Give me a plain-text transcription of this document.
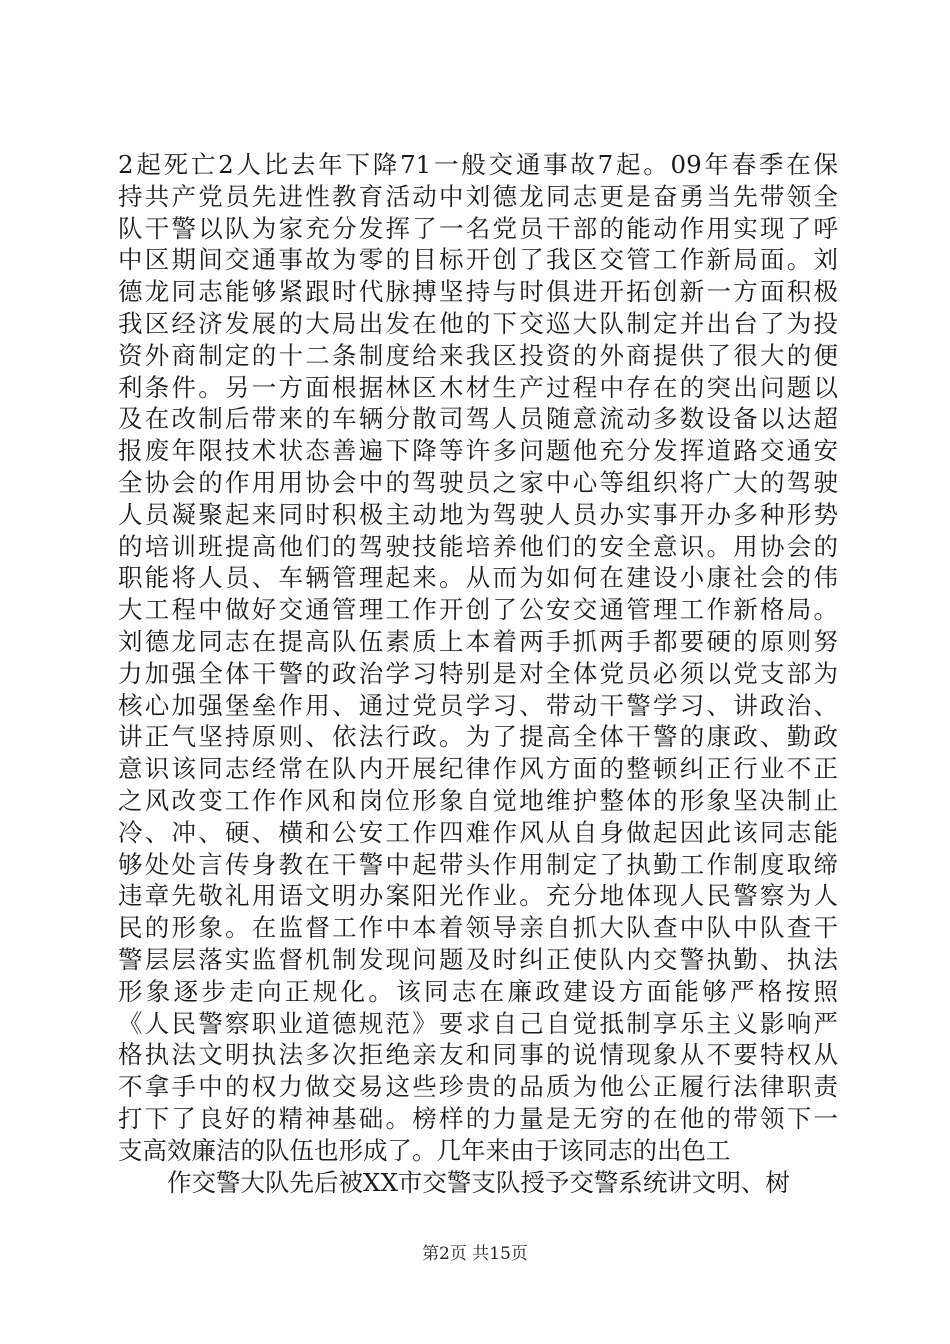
2起死亡2人比去年下降71一般交通事故7起。09年春季在保
持共产党员先进性教育活动中刘德龙同志更是奋勇当先带领全
队干警以队为家充分发挥了一名党员干部的能动作用实现了呼
中区期间交通事故为零的目标开创了我区交管工作新局面。刘
德龙同志能够紧跟时代脉搏坚持与时俱进开拓创新一方面积极
我区经济发展的大局出发在他的下交巡大队制定并出台了为投
资外商制定的十二条制度给来我区投资的外商提供了很大的便
利条件。另一方面根据林区木材生产过程中存在的突出问题以
及在改制后带来的车辆分散司驾人员随意流动多数设备以达超
报废年限技术状态善遍下降等许多问题他充分发挥道路交通安
全协会的作用用协会中的驾驶员之家中心等组织将广大的驾驶
人员凝聚起来同时积极主动地为驾驶人员办实事开办多种形势
的培训班提高他们的驾驶技能培养他们的安全意识。用协会的
职能将人员、车辆管理起来。从而为如何在建设小康社会的伟
大工程中做好交通管理工作开创了公安交通管理工作新格局。
刘德龙同志在提高队伍素质上本着两手抓两手都要硬的原则努
力加强全体干警的政治学习特别是对全体党员必须以党支部为
核心加强堡垒作用、通过党员学习、带动干警学习、讲政治、
讲正气坚持原则、依法行政。为了提高全体干警的康政、勤政
意识该同志经常在队内开展纪律作风方面的整顿纠正行业不正
之风改变工作作风和岗位形象自觉地维护整体的形象坚决制止
冷、冲、硬、横和公安工作四难作风从自身做起因此该同志能
够处处言传身教在干警中起带头作用制定了执勤工作制度取缔
违章先敬礼用语文明办案阳光作业。充分地体现人民警察为人
民的形象。在监督工作中本着领导亲自抓大队查中队中队查干
警层层落实监督机制发现问题及时纠正使队内交警执勤、执法
形象逐步走向正规化。该同志在廉政建设方面能够严格按照
《人民警察职业道德规范》要求自己自觉抵制享乐主义影响严
格执法文明执法多次拒绝亲友和同事的说情现象从不要特权从
不拿手中的权力做交易这些珍贵的品质为他公正履行法律职责
打下了良好的精神基础。榜样的力量是无穷的在他的带领下一
支高效廉洁的队伍也形成了。几年来由于该同志的出色工
作交警大队先后被XX市交警支队授予交警系统讲文明、树
第2页 共15页
